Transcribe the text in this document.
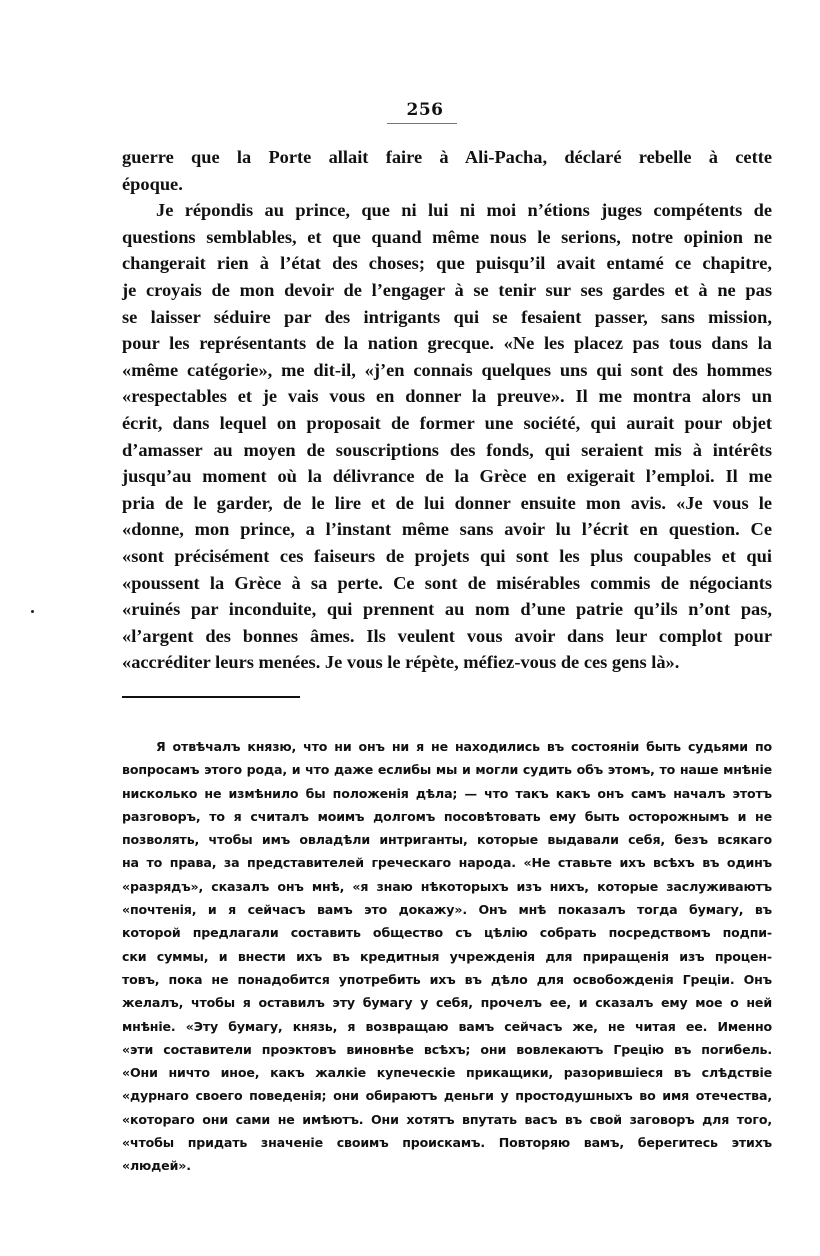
256
guerre que la Porte allait faire à Ali-Pacha, déclaré rebelle à cette
époque.
Je répondis au prince, que ni lui ni moi n’étions juges compétents de
questions semblables, et que quand même nous le serions, notre opinion ne
changerait rien à l’état des choses; que puisqu’il avait entamé ce chapitre,
je croyais de mon devoir de l’engager à se tenir sur ses gardes et à ne pas
se laisser séduire par des intrigants qui se fesaient passer, sans mission,
pour les représentants de la nation grecque. «Ne les placez pas tous dans la
«même catégorie», me dit-il, «j’en connais quelques uns qui sont des hommes
«respectables et je vais vous en donner la preuve». Il me montra alors un
écrit, dans lequel on proposait de former une société, qui aurait pour objet
d’amasser au moyen de souscriptions des fonds, qui seraient mis à intérêts
jusqu’au moment où la délivrance de la Grèce en exigerait l’emploi. Il me
pria de le garder, de le lire et de lui donner ensuite mon avis. «Je vous le
«donne, mon prince, a l’instant même sans avoir lu l’écrit en question. Ce
«sont précisément ces faiseurs de projets qui sont les plus coupables et qui
«poussent la Grèce à sa perte. Ce sont de misérables commis de négociants
«ruinés par inconduite, qui prennent au nom d’une patrie qu’ils n’ont pas,
«l’argent des bonnes âmes. Ils veulent vous avoir dans leur complot pour
«accréditer leurs menées. Je vous le répète, méfiez-vous de ces gens là».
Я отвѣчалъ князю, что ни онъ ни я не находились въ состоянiи быть судьями по
вопросамъ этого рода, и что даже еслибы мы и могли судить объ этомъ, то наше мнѣнiе
нисколько не измѣнило бы положенiя дѣла; — что такъ какъ онъ самъ началъ этотъ
разговоръ, то я считалъ моимъ долгомъ посовѣтовать ему быть осторожнымъ и не
позволять, чтобы имъ овладѣли интриганты, которые выдавали себя, безъ всякаго
на то права, за представителей греческаго народа. «Не ставьте ихъ всѣхъ въ одинъ
«разрядъ», сказалъ онъ мнѣ, «я знаю нѣкоторыхъ изъ нихъ, которые заслуживаютъ
«почтенiя, и я сейчасъ вамъ это докажу». Онъ мнѣ показалъ тогда бумагу, въ
которой предлагали составить общество съ цѣлiю собрать посредствомъ подпи-
ски суммы, и внести ихъ въ кредитныя учрежденiя для приращенiя изъ процен-
товъ, пока не понадобится употребить ихъ въ дѣло для освобожденiя Грецiи. Онъ
желалъ, чтобы я оставилъ эту бумагу у себя, прочелъ ее, и сказалъ ему мое о ней
мнѣнiе. «Эту бумагу, князь, я возвращаю вамъ сейчасъ же, не читая ее. Именно
«эти составители проэктовъ виновнѣе всѣхъ; они вовлекаютъ Грецiю въ погибель.
«Они ничто иное, какъ жалкiе купеческiе прикащики, разорившiеся въ слѣдствiе
«дурнаго своего поведенiя; они обираютъ деньги у простодушныхъ во имя отечества,
«котораго они сами не имѣютъ. Они хотятъ впутать васъ въ свой заговоръ для того,
«чтобы придать значенiе своимъ проискамъ. Повторяю вамъ, берегитесь этихъ
«людей».
